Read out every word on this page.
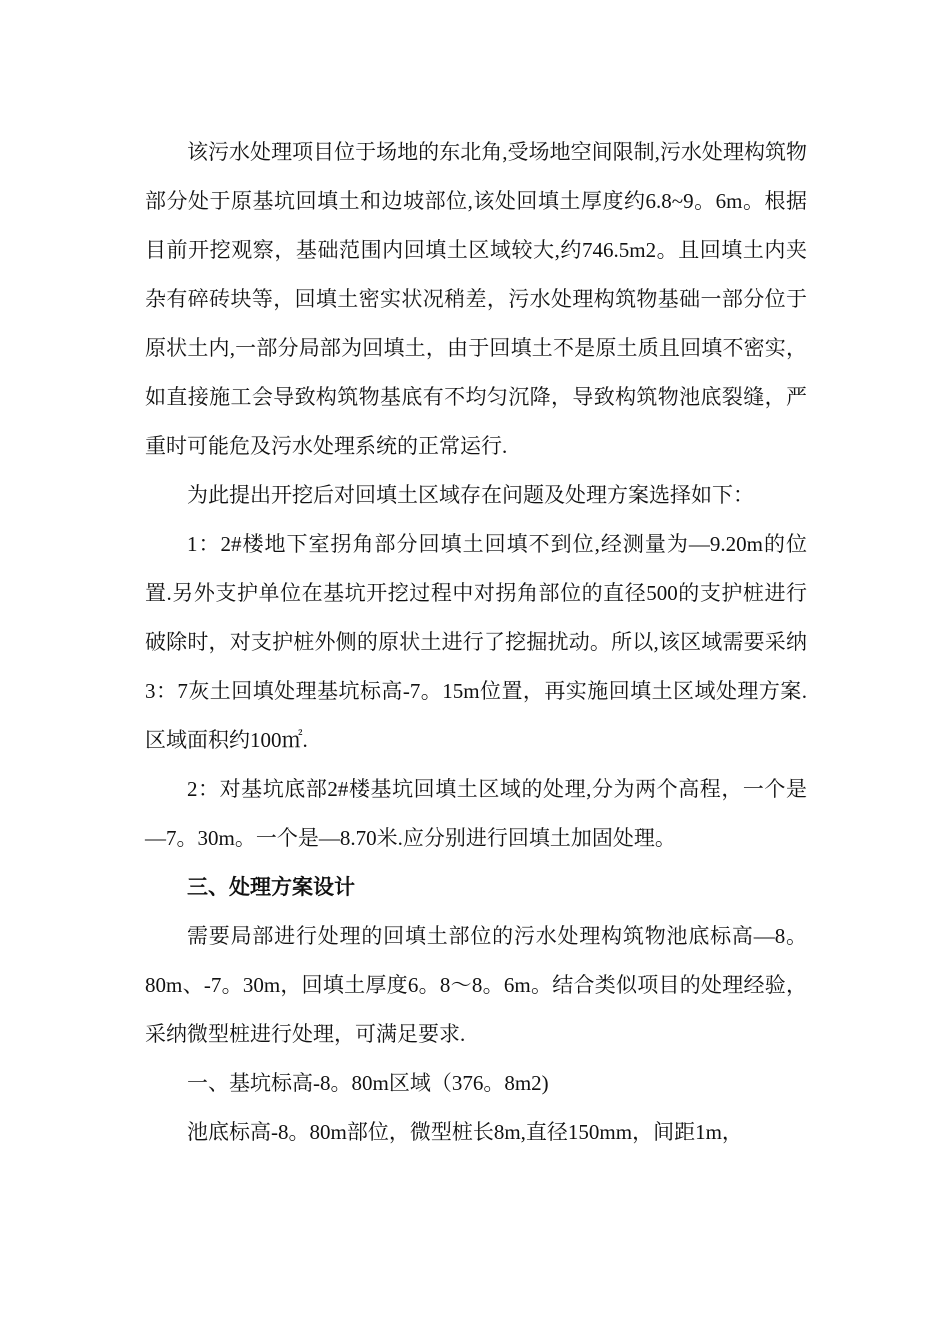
该污水处理项目位于场地的东北角,受场地空间限制,污水处理构筑物部分处于原基坑回填土和边坡部位,该处回填土厚度约6.8~9。6m。根据目前开挖观察，基础范围内回填土区域较大,约746.5m2。且回填土内夹杂有碎砖块等，回填土密实状况稍差，污水处理构筑物基础一部分位于原状土内,一部分局部为回填土，由于回填土不是原土质且回填不密实，如直接施工会导致构筑物基底有不均匀沉降，导致构筑物池底裂缝，严重时可能危及污水处理系统的正常运行.

为此提出开挖后对回填土区域存在问题及处理方案选择如下：

1：2#楼地下室拐角部分回填土回填不到位,经测量为—9.20m的位置.另外支护单位在基坑开挖过程中对拐角部位的直径500的支护桩进行破除时，对支护桩外侧的原状土进行了挖掘扰动。所以,该区域需要采纳3：7灰土回填处理基坑标高-7。15m位置，再实施回填土区域处理方案.区域面积约100㎡.

2：对基坑底部2#楼基坑回填土区域的处理,分为两个高程，一个是—7。30m。一个是—8.70米.应分别进行回填土加固处理。

三、处理方案设计

需要局部进行处理的回填土部位的污水处理构筑物池底标高—8。80m、-7。30m，回填土厚度6。8～8。6m。结合类似项目的处理经验，采纳微型桩进行处理，可满足要求.

一、基坑标高-8。80m区域（376。8m2)

池底标高-8。80m部位，微型桩长8m,直径150mm，间距1m，
